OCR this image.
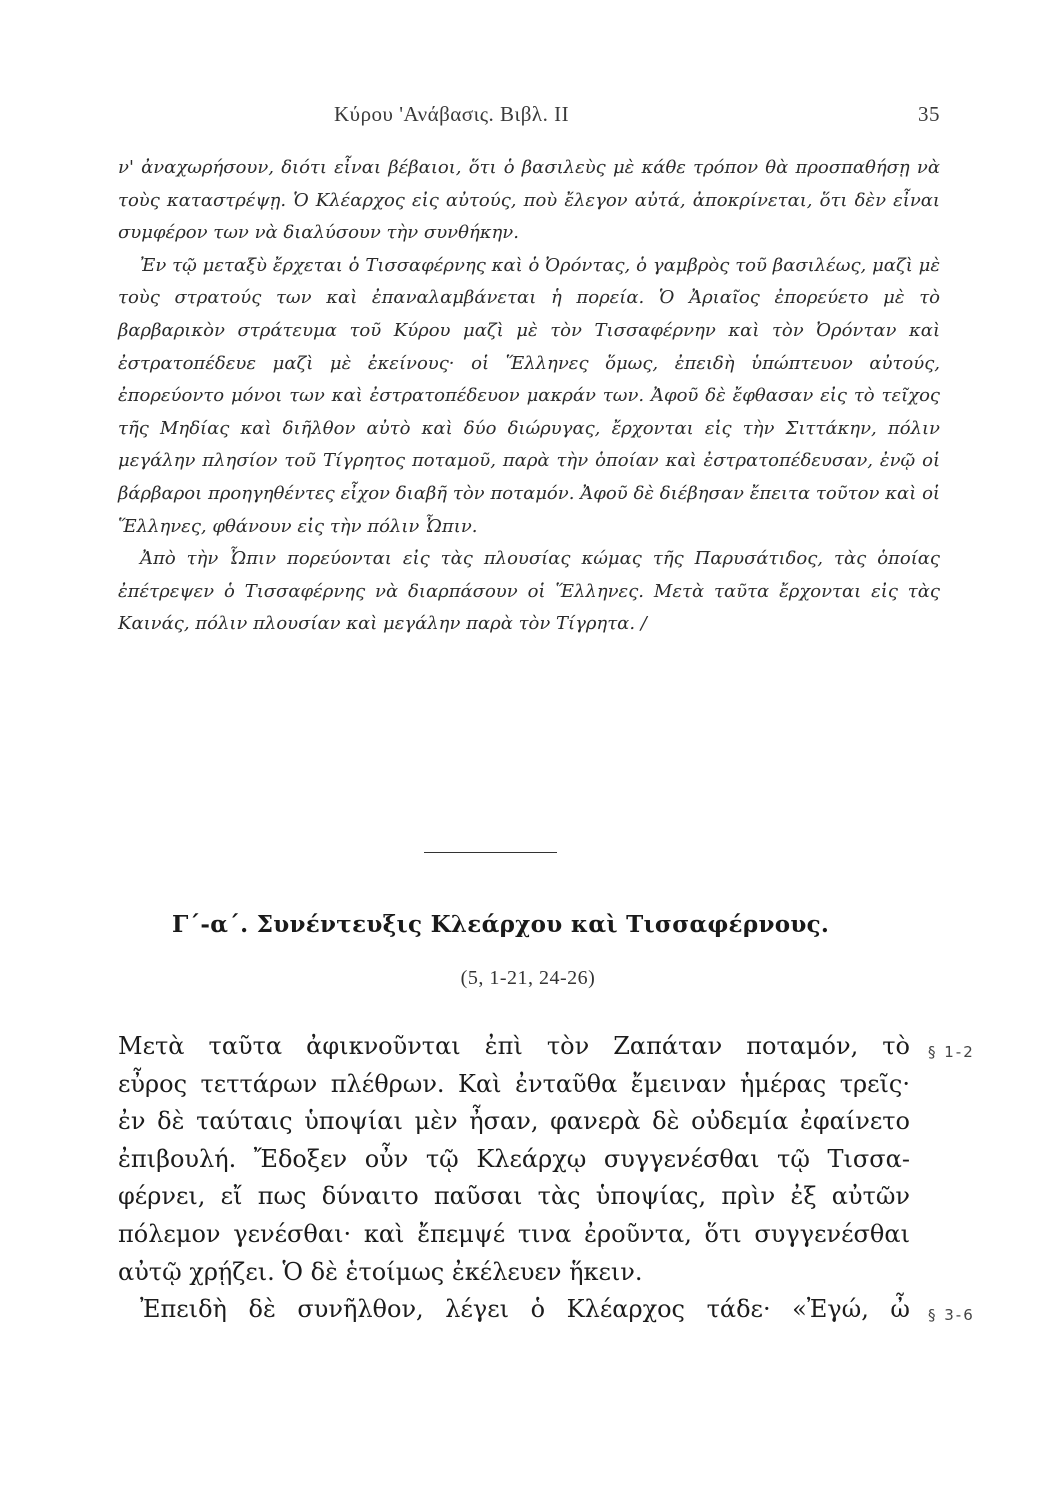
Κύρου 'Ανάβασις. Βιβλ. ΙΙ	35

ν' ἀναχωρήσουν, διότι εἶναι βέβαιοι, ὅτι ὁ βασιλεὺς μὲ κάθε τρόπον θὰ προσπαθήσῃ νὰ τοὺς καταστρέψῃ. Ὁ Κλέαρχος εἰς αὐτούς, ποὺ ἔλεγον αὐτά, ἀποκρίνεται, ὅτι δὲν εἶναι συμφέρον των νὰ διαλύσουν τὴν συνθήκην.

Ἐν τῷ μεταξὺ ἔρχεται ὁ Τισσαφέρνης καὶ ὁ Ὀρόντας, ὁ γαμβρὸς τοῦ βασιλέως, μαζὶ μὲ τοὺς στρατούς των καὶ ἐπαναλαμβάνεται ἡ πορεία. Ὁ Ἀριαῖος ἐπορεύετο μὲ τὸ βαρβαρικὸν στράτευμα τοῦ Κύρου μαζὶ μὲ τὸν Τισσαφέρνην καὶ τὸν Ὀρόνταν καὶ ἐστρατοπέδευε μαζὶ μὲ ἐκείνους· οἱ Ἕλληνες ὅμως, ἐπειδὴ ὑπώπτευον αὐτούς, ἐπορεύοντο μόνοι των καὶ ἐστρατοπέδευον μακράν των. Ἀφοῦ δὲ ἔφθασαν εἰς τὸ τεῖχος τῆς Μηδίας καὶ διῆλθον αὐτὸ καὶ δύο διώρυγας, ἔρχονται εἰς τὴν Σιττάκην, πόλιν μεγάλην πλησίον τοῦ Τίγρητος ποταμοῦ, παρὰ τὴν ὁποίαν καὶ ἐστρατοπέδευσαν, ἐνῷ οἱ βάρβαροι προηγηθέντες εἶχον διαβῆ τὸν ποταμόν. Ἀφοῦ δὲ διέβησαν ἔπειτα τοῦτον καὶ οἱ Ἕλληνες, φθάνουν εἰς τὴν πόλιν Ὦπιν.

Ἀπὸ τὴν Ὦπιν πορεύονται εἰς τὰς πλουσίας κώμας τῆς Παρυσάτιδος, τὰς ὁποίας ἐπέτρεψεν ὁ Τισσαφέρνης νὰ διαρπάσουν οἱ Ἕλληνες. Μετὰ ταῦτα ἔρχονται εἰς τὰς Καινάς, πόλιν πλουσίαν καὶ μεγάλην παρὰ τὸν Τίγρητα. /

Γ΄-α΄. Συνέντευξις Κλεάρχου καὶ Τισσαφέρνους.
(5, 1-21, 24-26)
Μετὰ ταῦτα ἀφικνοῦνται ἐπὶ τὸν Ζαπάταν ποταμόν, τὸ
εὖρος τεττάρων πλέθρων. Καὶ ἐνταῦθα ἔμειναν ἡμέρας τρεῖς·
ἐν δὲ ταύταις ὑποψίαι μὲν ἦσαν, φανερὰ δὲ οὐδεμία ἐφαίνετο
ἐπιβουλή. Ἔδοξεν οὖν τῷ Κλεάρχῳ συγγενέσθαι τῷ Τισσα-
φέρνει, εἴ πως δύναιτο παῦσαι τὰς ὑποψίας, πρὶν ἐξ αὐτῶν
πόλεμον γενέσθαι· καὶ ἔπεμψέ τινα ἐροῦντα, ὅτι συγγενέσθαι
αὐτῷ χρῄζει. Ὁ δὲ ἑτοίμως ἐκέλευεν ἥκειν.
Ἐπειδὴ δὲ συνῆλθον, λέγει ὁ Κλέαρχος τάδε· «Ἐγώ, ὦ
§ 1-2
§ 3-6
